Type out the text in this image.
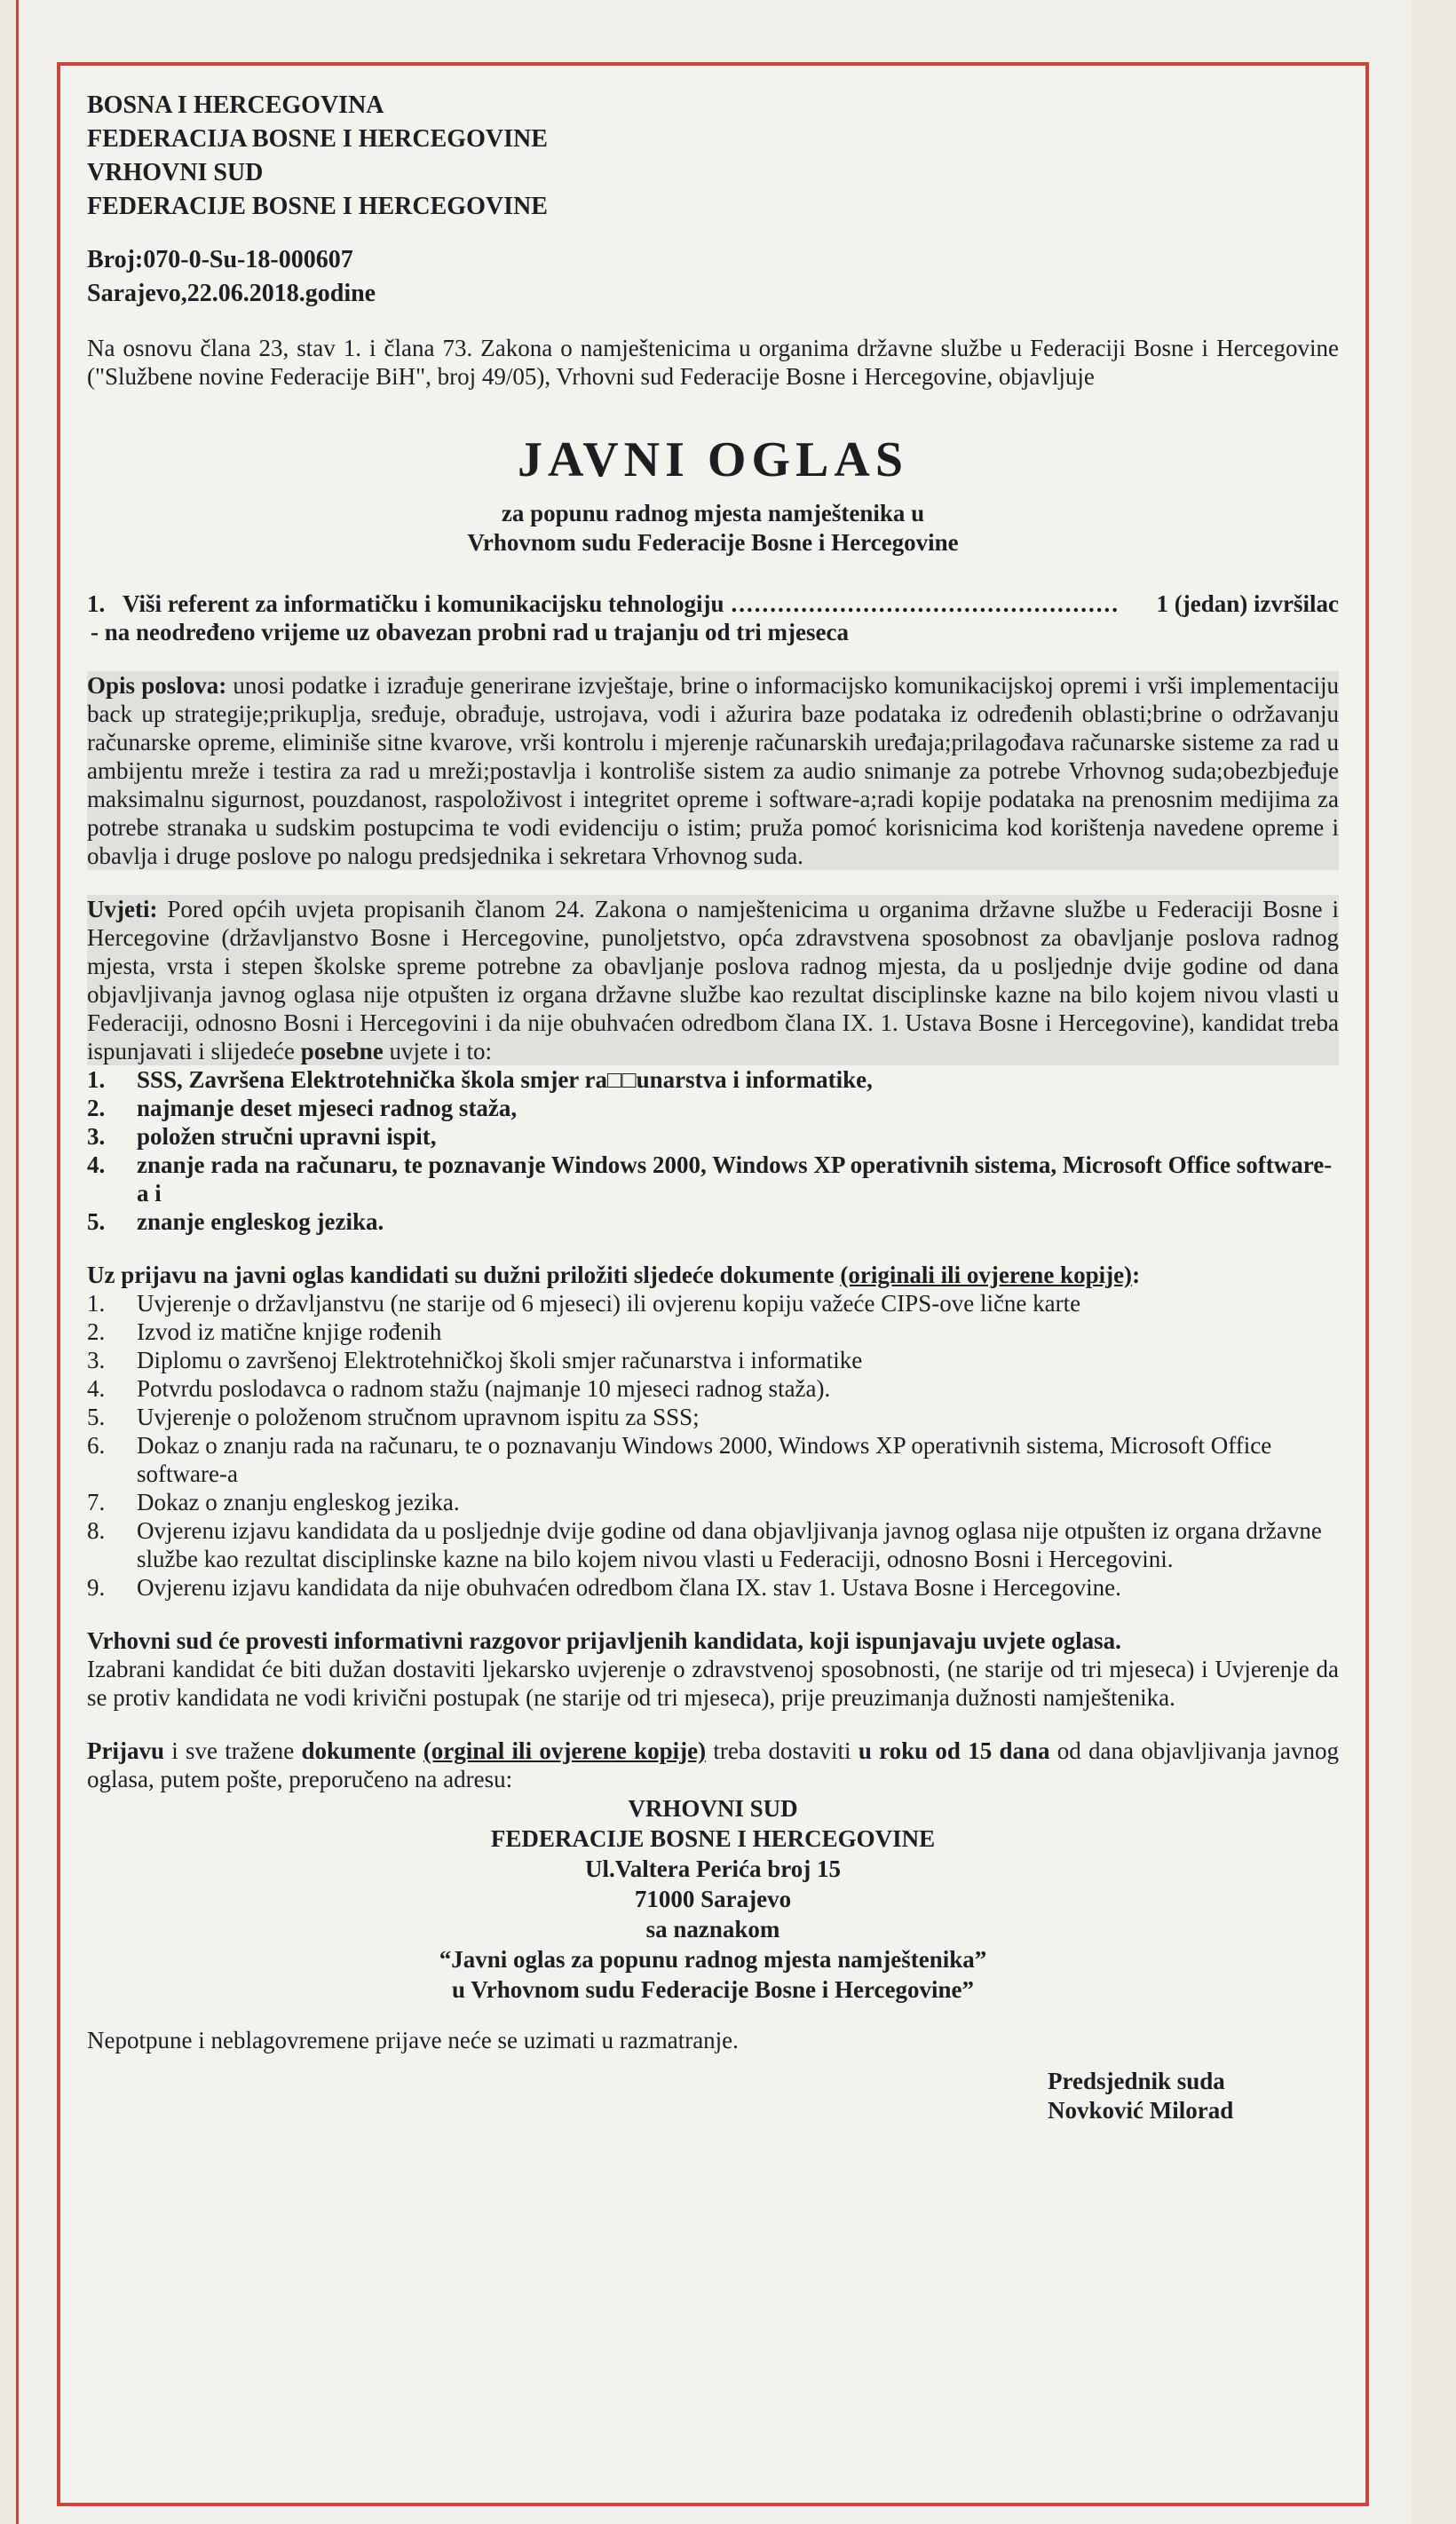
BOSNA I HERCEGOVINA
FEDERACIJA BOSNE I HERCEGOVINE
VRHOVNI SUD
FEDERACIJE BOSNE I HERCEGOVINE
Broj:070-0-Su-18-000607
Sarajevo,22.06.2018.godine

Na osnovu člana 23, stav 1. i člana 73. Zakona o namještenicima u organima državne službe u Federaciji Bosne i Hercegovine ("Službene novine Federacije BiH", broj 49/05), Vrhovni sud Federacije Bosne i Hercegovine, objavljuje

JAVNI OGLAS
za popunu radnog mjesta namještenika u
Vrhovnom sudu Federacije Bosne i Hercegovine
1. Viši referent za informatičku i komunikacijsku tehnologiju ..................................................	1 (jedan) izvršilac
- na neodređeno vrijeme uz obavezan probni rad u trajanju od tri mjeseca

Opis poslova: unosi podatke i izrađuje generirane izvještaje, brine o informacijsko komunikacijskoj opremi i vrši implementaciju back up strategije;prikuplja, sređuje, obrađuje, ustrojava, vodi i ažurira baze podataka iz određenih oblasti;brine o održavanju računarske opreme, eliminiše sitne kvarove, vrši kontrolu i mjerenje računarskih uređaja;prilagođava računarske sisteme za rad u ambijentu mreže i testira za rad u mreži;postavlja i kontroliše sistem za audio snimanje za potrebe Vrhovnog suda;obezbjeđuje maksimalnu sigurnost, pouzdanost, raspoloživost i integritet opreme i software-a;radi kopije podataka na prenosnim medijima za potrebe stranaka u sudskim postupcima te vodi evidenciju o istim; pruža pomoć korisnicima kod korištenja navedene opreme i obavlja i druge poslove po nalogu predsjednika i sekretara Vrhovnog suda.

Uvjeti: Pored općih uvjeta propisanih članom 24. Zakona o namještenicima u organima državne službe u Federaciji Bosne i Hercegovine (državljanstvo Bosne i Hercegovine, punoljetstvo, opća zdravstvena sposobnost za obavljanje poslova radnog mjesta, vrsta i stepen školske spreme potrebne za obavljanje poslova radnog mjesta, da u posljednje dvije godine od dana objavljivanja javnog oglasa nije otpušten iz organa državne službe kao rezultat disciplinske kazne na bilo kojem nivou vlasti u Federaciji, odnosno Bosni i Hercegovini i da nije obuhvaćen odredbom člana IX. 1. Ustava Bosne i Hercegovine), kandidat treba ispunjavati i slijedeće posebne uvjete i to:

1.	SSS, Završena Elektrotehnička škola smjer ra□□unarstva i informatike,
2.	najmanje deset mjeseci radnog staža,
3.	položen stručni upravni ispit,
4.	znanje rada na računaru, te poznavanje Windows 2000, Windows XP operativnih sistema, Microsoft Office software-a i
5.	znanje engleskog jezika.

Uz prijavu na javni oglas kandidati su dužni priložiti sljedeće dokumente (originali ili ovjerene kopije):

1.	Uvjerenje o državljanstvu (ne starije od 6 mjeseci) ili ovjerenu kopiju važeće CIPS-ove lične karte
2.	Izvod iz matične knjige rođenih
3.	Diplomu o završenoj Elektrotehničkoj školi smjer računarstva i informatike
4.	Potvrdu poslodavca o radnom stažu (najmanje 10 mjeseci radnog staža).
5.	Uvjerenje o položenom stručnom upravnom ispitu za SSS;
6.	Dokaz o znanju rada na računaru, te o poznavanju Windows 2000, Windows XP operativnih sistema, Microsoft Office software-a
7.	Dokaz o znanju engleskog jezika.
8.	Ovjerenu izjavu kandidata da u posljednje dvije godine od dana objavljivanja javnog oglasa nije otpušten iz organa državne službe kao rezultat disciplinske kazne na bilo kojem nivou vlasti u Federaciji, odnosno Bosni i Hercegovini.
9.	Ovjerenu izjavu kandidata da nije obuhvaćen odredbom člana IX. stav 1. Ustava Bosne i Hercegovine.

Vrhovni sud će provesti informativni razgovor prijavljenih kandidata, koji ispunjavaju uvjete oglasa.

Izabrani kandidat će biti dužan dostaviti ljekarsko uvjerenje o zdravstvenoj sposobnosti, (ne starije od tri mjeseca) i Uvjerenje da se protiv kandidata ne vodi krivični postupak (ne starije od tri mjeseca), prije preuzimanja dužnosti namještenika.

Prijavu i sve tražene dokumente (orginal ili ovjerene kopije) treba dostaviti u roku od 15 dana od dana objavljivanja javnog oglasa, putem pošte, preporučeno na adresu:

VRHOVNI SUD
FEDERACIJE BOSNE I HERCEGOVINE
Ul.Valtera Perića broj 15
71000 Sarajevo
sa naznakom
“Javni oglas za popunu radnog mjesta namještenika”
u Vrhovnom sudu Federacije Bosne i Hercegovine”

Nepotpune i neblagovremene prijave neće se uzimati u razmatranje.

Predsjednik suda
Novković Milorad
